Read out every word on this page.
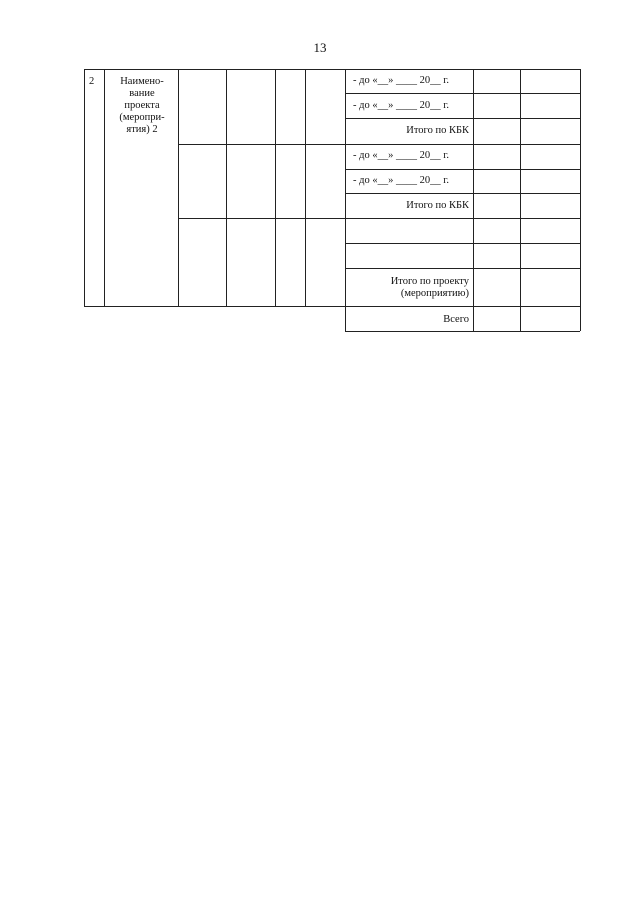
13
2	Наимено-
вание
проекта
(меропри-
ятия) 2
- до «__» ____ 20__ г.
- до «__» ____ 20__ г.
Итого по КБК
- до «__» ____ 20__ г.
- до «__» ____ 20__ г.
Итого по КБК
Итого по проекту
(мероприятию)
Всего
